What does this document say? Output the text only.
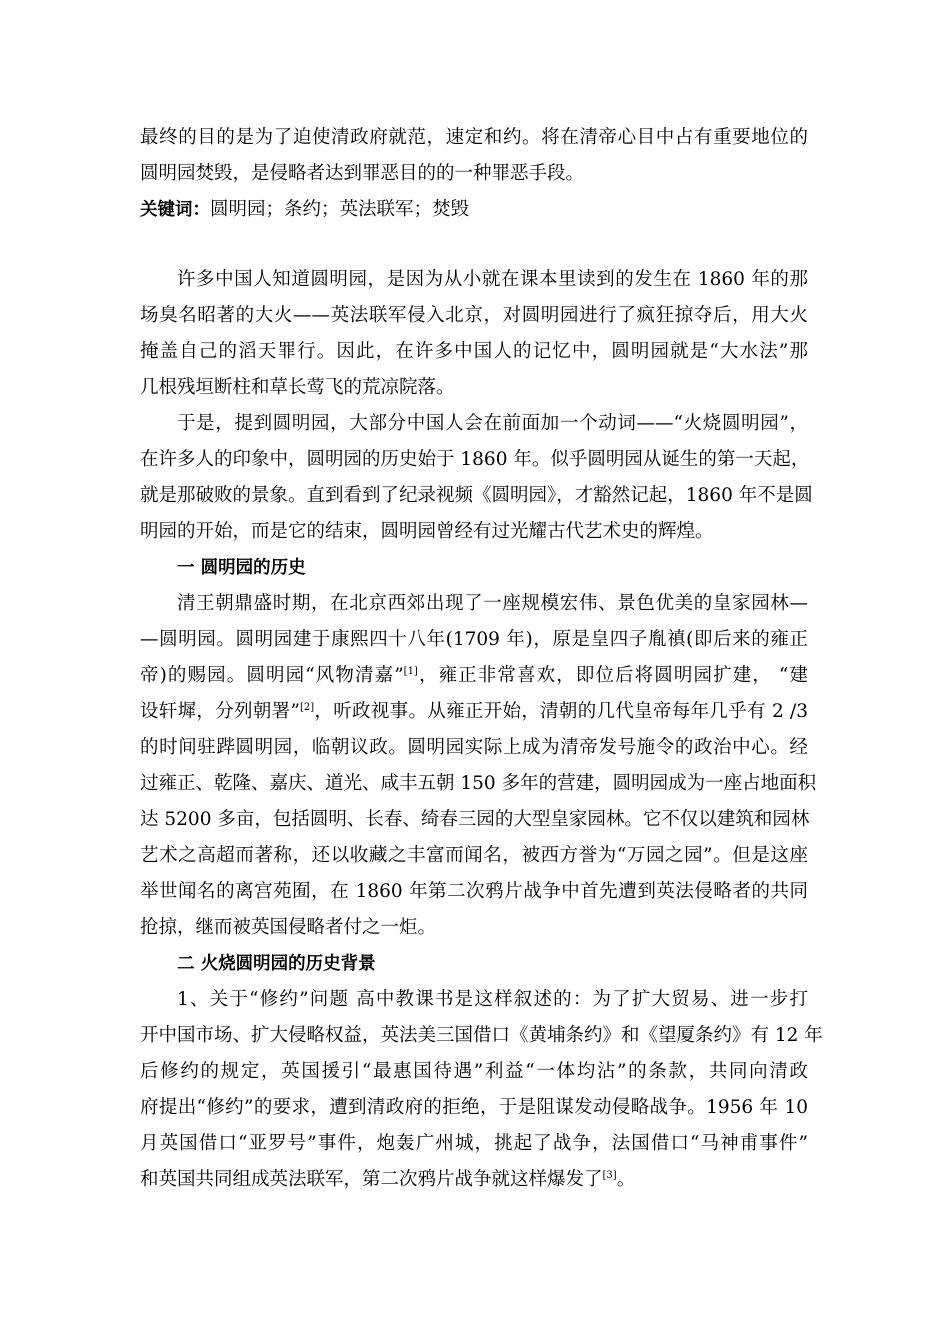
最终的目的是为了迫使清政府就范，速定和约。将在清帝心目中占有重要地位的
圆明园焚毁，是侵略者达到罪恶目的的一种罪恶手段。
关键词：圆明园；条约；英法联军；焚毁
许多中国人知道圆明园，是因为从小就在课本里读到的发生在 1860 年的那
场臭名昭著的大火——英法联军侵入北京，对圆明园进行了疯狂掠夺后，用大火
掩盖自己的滔天罪行。因此，在许多中国人的记忆中，圆明园就是“大水法”那
几根残垣断柱和草长莺飞的荒凉院落。
于是，提到圆明园，大部分中国人会在前面加一个动词——“火烧圆明园”，
在许多人的印象中，圆明园的历史始于 1860 年。似乎圆明园从诞生的第一天起，
就是那破败的景象。直到看到了纪录视频《圆明园》，才豁然记起，1860 年不是圆
明园的开始，而是它的结束，圆明园曾经有过光耀古代艺术史的辉煌。
一 圆明园的历史
清王朝鼎盛时期，在北京西郊出现了一座规模宏伟、景色优美的皇家园林—
—圆明园。圆明园建于康熙四十八年(1709 年)，原是皇四子胤禛(即后来的雍正
帝)的赐园。圆明园“风物清嘉”[1]，雍正非常喜欢，即位后将圆明园扩建， “建
设轩墀，分列朝署”[2]，听政视事。从雍正开始，清朝的几代皇帝每年几乎有 2 /3
的时间驻跸圆明园，临朝议政。圆明园实际上成为清帝发号施令的政治中心。经
过雍正、乾隆、嘉庆、道光、咸丰五朝 150 多年的营建，圆明园成为一座占地面积
达 5200 多亩，包括圆明、长春、绮春三园的大型皇家园林。它不仅以建筑和园林
艺术之高超而著称，还以收藏之丰富而闻名，被西方誉为“万园之园”。但是这座
举世闻名的离宫苑囿，在 1860 年第二次鸦片战争中首先遭到英法侵略者的共同
抢掠，继而被英国侵略者付之一炬。
二 火烧圆明园的历史背景
1、关于“修约”问题 高中教课书是这样叙述的：为了扩大贸易、进一步打
开中国市场、扩大侵略权益，英法美三国借口《黄埔条约》和《望厦条约》有 12 年
后修约的规定，英国援引“最惠国待遇”利益“一体均沾”的条款，共同向清政
府提出“修约”的要求，遭到清政府的拒绝，于是阻谋发动侵略战争。1956 年 10
月英国借口“亚罗号”事件，炮轰广州城，挑起了战争，法国借口“马神甫事件”
和英国共同组成英法联军，第二次鸦片战争就这样爆发了[3]。
